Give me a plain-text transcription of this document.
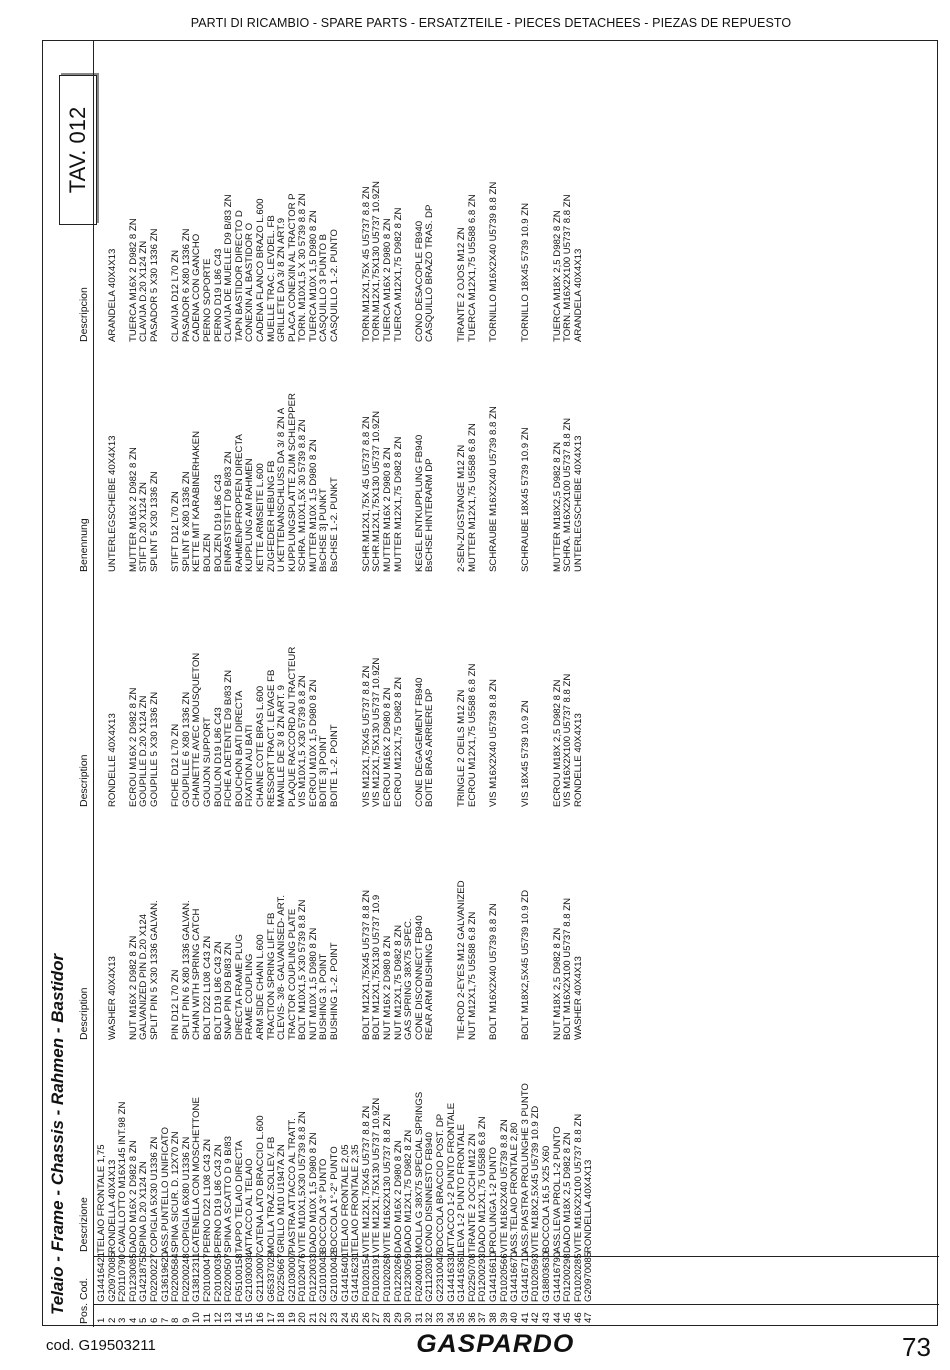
PARTI DI RICAMBIO - SPARE PARTS - ERSATZTEILE - PIECES DETACHEES - PIEZAS DE REPUESTO
Telaio - Frame - Chassis - Rahmen - Bastidor
TAV. 012
Pos.
Cod.
Descrizione
Description
Description
Benennung
Descripcion
1 2 3 4 5 6 7 8 9 10 11 12 13 14 15 16 17 18 19 20 21 22 23 24 25 26 27 28 29 30 31 32 33 34 35 36 37 38 39 40 41 42 43 44 45 46 47
G14416421 G20970085 F20110790 F01230085 G14218750 F02200227 G13619620 F02200584 F02200248 G13812311 F20100047 F20100035 F02200507 F05100158 G21030034 G21120007 G65337029 F02250667 G21030007 F01020476 F01220033 G21010043 G21010042 G14416401 G14416231 F01020154 F01020191 F01020268 F01220266 F01230059 F02400013 G21120301 G22310047 G14416331 G14416361 F02250708 F01200293 G14416610 F01020566 G14416670 G14416710 F01020593 G18803630 G14416790 F01200298 F01020285 G20970085
TELAIO FRONTALE 1,75 RONDELLA 40X4X13 CAVALLOTTO M16X145 INT.98 ZN DADO M16X 2 D982 8 ZN SPINA D.20 X124 ZN COPIGLIA 5X30 U1336 ZN ASS.PUNTELLO UNIFICATO SPINA SICUR. D. 12X70 ZN COPIGLIA 6X80 U1336 ZN CATENELLA CON MOSCHETTONE PERNO D22 L108 C43 ZN PERNO D19 L86 C43 ZN SPINA A SCATTO D 9 B/83 TAPPO TELAIO DIRECTA ATTACCO AL TELAIO CATENA LATO BRACCIO L.600 MOLLA TRAZ.SOLLEV. FB GRILLO M10 U1947A ZN PIASTRA ATTACCO AL TRATT. VITE M10X1,5X30 U5739 8.8 ZN DADO M10X 1,5 D980 8 ZN BOCCOLA 3° PUNTO BOCCOLA 1°-2° PUNTO TELAIO FRONTALE 2,05 TELAIO FRONTALE 2,35 VITE M12X1,75X45 U5737 8.8 ZN VITE M12X1,75X130 U5737 10.9ZN VITE M16X2X130 U5737 8.8 ZN DADO M16X 2 D980 8 ZN DADO M12X1,75 D982 8 ZN MOLLA G 38X75 SPECIAL SPRINGS CONO DISINNESTO FB940 BOCCOLA BRACCIO POST. DP ATTACCO 1-2 PUNTO FRONTALE LEVA 1-2 PUNTO FRONTALE TIRANTE 2 OCCHI M12 ZN DADO M12X1,75 U5588 6.8 ZN PROLUNGA 1-2 PUNTO VITE M16X2X40 U5739 8.8 ZN ASS.TELAIO FRONTALE 2,80 ASS.PIASTRA PROLUNGHE 3 PUNTO VITE M18X2,5X45 U5739 10.9 ZD BOCCOLA 16,5 X25 X60 ASS.LEVA PROL.1-2 PUNTO DADO M18X 2,5 D982 8 ZN VITE M16X2X100 U5737 8.8 ZN RONDELLA 40X4X13
WASHER 40X4X13 NUT M16X 2 D982 8 ZN GALVANIZED PIN D.20 X124 SPLIT PIN 5 X30 1336 GALVAN. PIN D12 L70 ZN SPLIT PIN 6 X80 1336 GALVAN. CHAIN WITH SPRING CATCH BOLT D22 L108 C43 ZN BOLT D19 L86 C43 ZN SNAP PIN D9 B/83 ZN DIRECTA FRAME PLUG FRAME COUPLING ARM SIDE CHAIN L.600 TRACTION SPRING LIFT. FB CLEVIS- 3/8- GALVANISED- ART. TRACTOR COUPLING PLATE BOLT M10X1,5 X30 5739 8.8 ZN NUT M10X 1,5 D980 8 ZN BUSHING 3. POINT BUSHING 1.-2. POINT BOLT M12X1,75X45 U5737 8.8 ZN BOLT M12X1,75X130 U5737 10.9 NUT M16X 2 D980 8 ZN NUT M12X1,75 D982 8 ZN GAS SPRING 38X75 SPEC. CONE DISCONNECT FB940 REAR ARM BUSHING DP TIE-ROD 2-EYES M12 GALVANIZED NUT M12X1,75 U5588 6.8 ZN BOLT M16X2X40 U5739 8.8 ZN BOLT M18X2,5X45 U5739 10.9 ZD NUT M18X 2,5 D982 8 ZN BOLT M16X2X100 U5737 8.8 ZN WASHER 40X4X13
RONDELLE 40X4X13 ECROU M16X 2 D982 8 ZN GOUPILLE D.20 X124 ZN GOUPILLE 5 X30 1336 ZN FICHE D12 L70 ZN GOUPILLE 6 X80 1336 ZN CHAINETTE AVEC MOUSQUETON GOUJON SUPPORT BOULON D19 L86 C43 FICHE A DETENTE D9 B/83 ZN BOUCHON BATI DIRECTA FIXATION AU BATI CHAINE COTE BRAS L.600 RESSORT TRACT. LEVAGE FB MANILLE DE 3/ 8 ZN ART. 9 PLAQUE RACCORD AU TRACTEUR VIS M10X1,5 X30 5739 8.8 ZN ECROU M10X 1,5 D980 8 ZN BOITE 3] POINT BOITE 1.-2. POINT VIS M12X1,75X45 U5737 8.8 ZN VIS M12X1,75X130 U5737 10.9ZN ECROU M16X 2 D980 8 ZN ECROU M12X1,75 D982 8 ZN CONE DEGAGEMENT FB940 BOITE BRAS ARRIERE DP TRINGLE 2 OEILS M12 ZN ECROU M12X1,75 U5588 6.8 ZN VIS M16X2X40 U5739 8.8 ZN VIS 18X45 5739 10.9 ZN ECROU M18X 2,5 D982 8 ZN VIS M16X2X100 U5737 8.8 ZN RONDELLE 40X4X13
UNTERLEGSCHEIBE 40X4X13 MUTTER M16X 2 D982 8 ZN STIFT D.20 X124 ZN SPLINT 5 X30 1336 ZN STIFT D12 L70 ZN SPLINT 6 X80 1336 ZN KETTE MIT KARABINERHAKEN BOLZEN BOLZEN D19 L86 C43 EINRASTSTIFT D9 B/83 ZN RAHMENPFROPFEN DIRECTA KUPPLUNG AM RAHMEN KETTE ARMSEITE L.600 ZUGFEDER HEBUNG FB U KETTENANSCHLUSS DA 3/ 8 ZN A KUPPLUNGSPLATTE ZUM SCHLEPPER SCHRA. M10X1,5X 30 5739 8.8 ZN MUTTER M10X 1,5 D980 8 ZN BsCHSE 3] PUNKT BsCHSE 1.-2. PUNKT SCHR.M12X1,75X 45 U5737 8.8 ZN SCHR.M12X1,75X130 U5737 10.9ZN MUTTER M16X 2 D980 8 ZN MUTTER M12X1,75 D982 8 ZN KEGEL ENTKUPPLUNG FB940 BsCHSE HINTERARM DP 2-SEN-ZUGSTANGE M12 ZN MUTTER M12X1,75 U5588 6.8 ZN SCHRAUBE M16X2X40 U5739 8.8 ZN SCHRAUBE 18X45 5739 10.9 ZN MUTTER M18X2,5 D982 8 ZN SCHRA. M16X2X100 U5737 8.8 ZN UNTERLEGSCHEIBE 40X4X13
ARANDELA 40X4X13 TUERCA M16X 2 D982 8 ZN CLAVIJA D.20 X124 ZN PASADOR 5 X30 1336 ZN CLAVIJA D12 L70 ZN PASADOR 6 X80 1336 ZN CADENA CON GANCHO PERNO SOPORTE PERNO D19 L86 C43 CLAVIJA DE MUELLE D9 B/83 ZN TAPN BASTIDOR DIRECTO D CONEXIN AL BASTIDOR O CADENA FLANCO BRAZO L.600 MUELLE TRAC. LEVDEL. FB GRILLETE DA 3/ 8 ZN ART.9 PLACA CONEXIN AL TRACTOR P TORN. M10X1,5 X 30 5739 8.8 ZN TUERCA M10X 1,5 D980 8 ZN CASQUILLO 3 PUNTO B CASQUILLO 1.-2. PUNTO TORN.M12X1,75X 45 U5737 8.8 ZN TORN.M12X1,75X130 U5737 10.9ZN TUERCA M16X 2 D980 8 ZN TUERCA M12X1,75 D982 8 ZN CONO DESACOPLE FB940 CASQUILLO BRAZO TRAS. DP TIRANTE 2 OJOS M12 ZN TUERCA M12X1,75 U5588 6.8 ZN TORNILLO M16X2X40 U5739 8.8 ZN TORNILLO 18X45 5739 10.9 ZN TUERCA M18X 2,5 D982 8 ZN TORN. M16X2X100 U5737 8.8 ZN ARANDELA 40X4X13
cod. G19503211	GASPARDO	73
